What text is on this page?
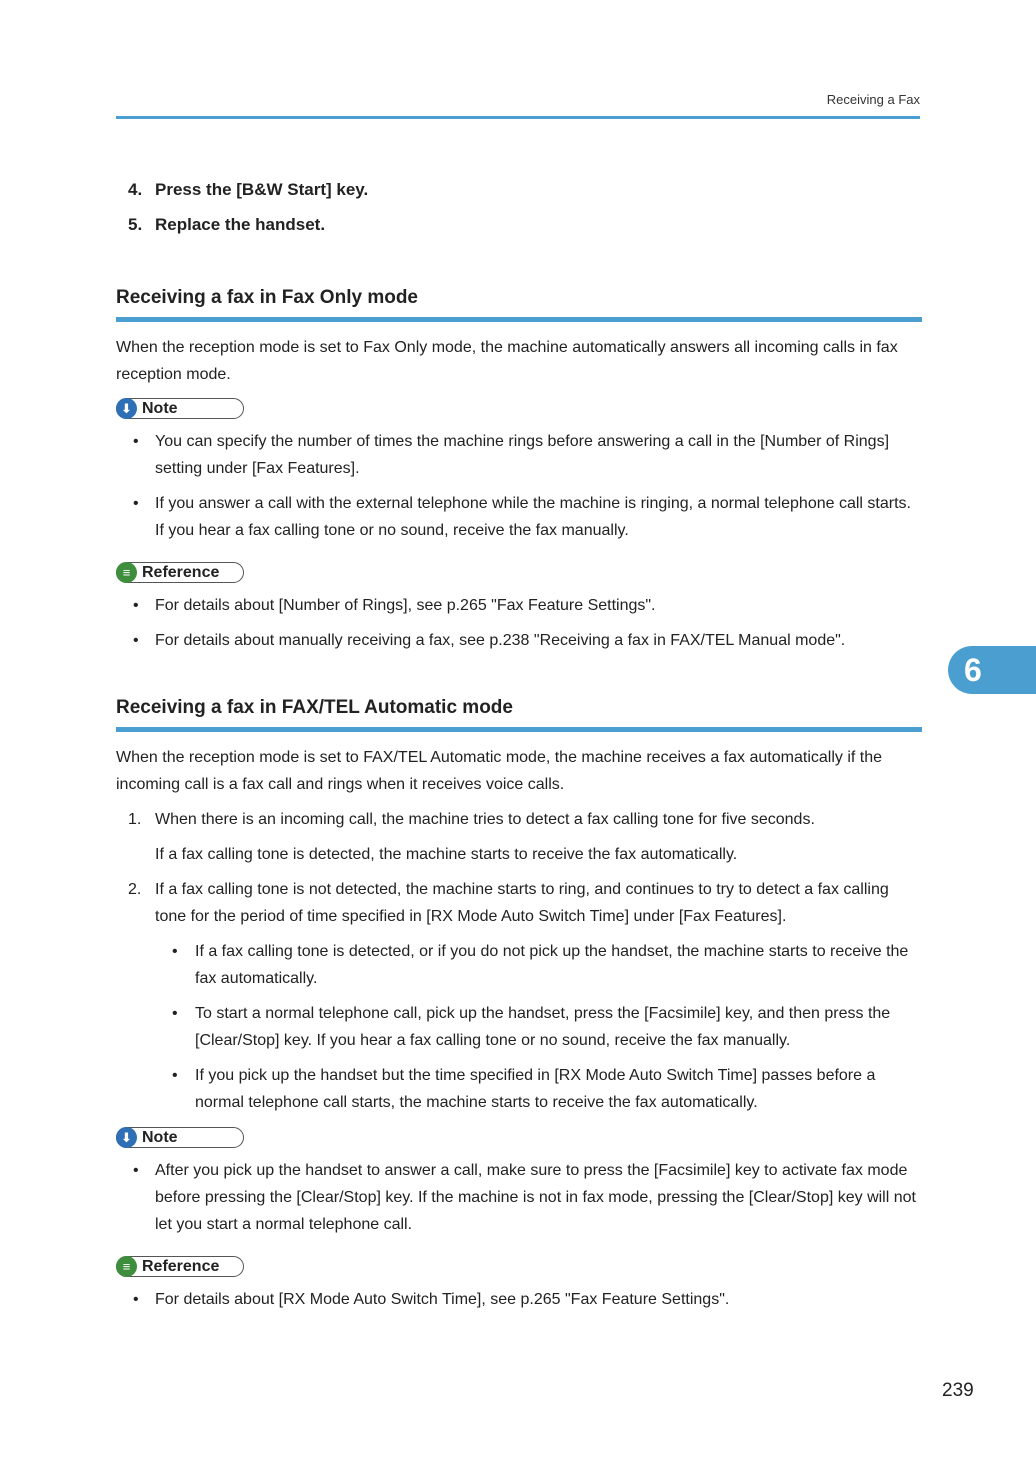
Receiving a Fax
4. Press the [B&W Start] key.
5. Replace the handset.
Receiving a fax in Fax Only mode

When the reception mode is set to Fax Only mode, the machine automatically answers all incoming calls in fax reception mode.

⬇ Note
• You can specify the number of times the machine rings before answering a call in the [Number of Rings] setting under [Fax Features].
• If you answer a call with the external telephone while the machine is ringing, a normal telephone call starts. If you hear a fax calling tone or no sound, receive the fax manually.
≡ Reference
• For details about [Number of Rings], see p.265 "Fax Feature Settings".
• For details about manually receiving a fax, see p.238 "Receiving a fax in FAX/TEL Manual mode".
Receiving a fax in FAX/TEL Automatic mode

When the reception mode is set to FAX/TEL Automatic mode, the machine receives a fax automatically if the incoming call is a fax call and rings when it receives voice calls.

1. When there is an incoming call, the machine tries to detect a fax calling tone for five seconds.
If a fax calling tone is detected, the machine starts to receive the fax automatically.
2. If a fax calling tone is not detected, the machine starts to ring, and continues to try to detect a fax calling tone for the period of time specified in [RX Mode Auto Switch Time] under [Fax Features].
• If a fax calling tone is detected, or if you do not pick up the handset, the machine starts to receive the fax automatically.
• To start a normal telephone call, pick up the handset, press the [Facsimile] key, and then press the [Clear/Stop] key. If you hear a fax calling tone or no sound, receive the fax manually.
• If you pick up the handset but the time specified in [RX Mode Auto Switch Time] passes before a normal telephone call starts, the machine starts to receive the fax automatically.
⬇ Note
• After you pick up the handset to answer a call, make sure to press the [Facsimile] key to activate fax mode before pressing the [Clear/Stop] key. If the machine is not in fax mode, pressing the [Clear/Stop] key will not let you start a normal telephone call.
≡ Reference
• For details about [RX Mode Auto Switch Time], see p.265 "Fax Feature Settings".
6
239
